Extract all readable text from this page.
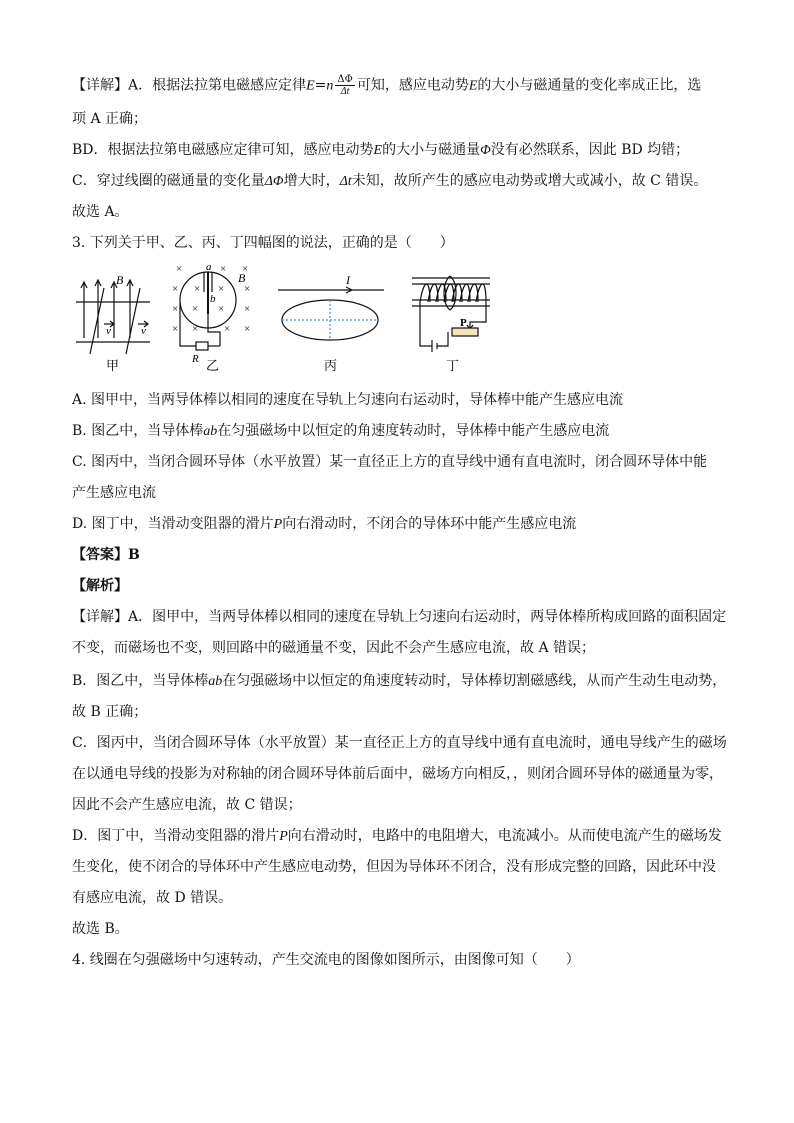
【详解】A．根据法拉第电磁感应定律$E=n \frac{\Delta\Phi}{\Delta t}$ 可知，感应电动势E的大小与磁通量的变化率成正比，选
项 A 正确；
BD．根据法拉第电磁感应定律可知，感应电动势E的大小与磁通量Φ没有必然联系，因此 BD 均错；
C．穿过线圈的磁通量的变化量ΔΦ增大时，Δt未知，故所产生的感应电动势或增大或减小，故 C 错误。
故选 A。
3. 下列关于甲、乙、丙、丁四幅图的说法，正确的是（　　）
B
v	v
甲
×	× ×
× × × ×
× × × ×
× × × ×
a
b
B
R 乙
I
丙
P
丁
A. 图甲中，当两导体棒以相同的速度在导轨上匀速向右运动时，导体棒中能产生感应电流
B. 图乙中，当导体棒ab在匀强磁场中以恒定的角速度转动时，导体棒中能产生感应电流
C. 图丙中，当闭合圆环导体（水平放置）某一直径正上方的直导线中通有直电流时，闭合圆环导体中能
产生感应电流
D. 图丁中，当滑动变阻器的滑片P向右滑动时，不闭合的导体环中能产生感应电流
【答案】B
【解析】
【详解】A．图甲中，当两导体棒以相同的速度在导轨上匀速向右运动时，两导体棒所构成回路的面积固定
不变，而磁场也不变，则回路中的磁通量不变，因此不会产生感应电流，故 A 错误；
B．图乙中，当导体棒ab在匀强磁场中以恒定的角速度转动时，导体棒切割磁感线，从而产生动生电动势，
故 B 正确；
C．图丙中，当闭合圆环导体（水平放置）某一直径正上方的直导线中通有直电流时，通电导线产生的磁场
在以通电导线的投影为对称轴的闭合圆环导体前后面中，磁场方向相反，，则闭合圆环导体的磁通量为零，
因此不会产生感应电流，故 C 错误；
D．图丁中，当滑动变阻器的滑片P向右滑动时，电路中的电阻增大，电流减小。从而使电流产生的磁场发
生变化，使不闭合的导体环中产生感应电动势，但因为导体环不闭合，没有形成完整的回路，因此环中没
有感应电流，故 D 错误。
故选 B。
4. 线圈在匀强磁场中匀速转动，产生交流电的图像如图所示，由图像可知（　　）
